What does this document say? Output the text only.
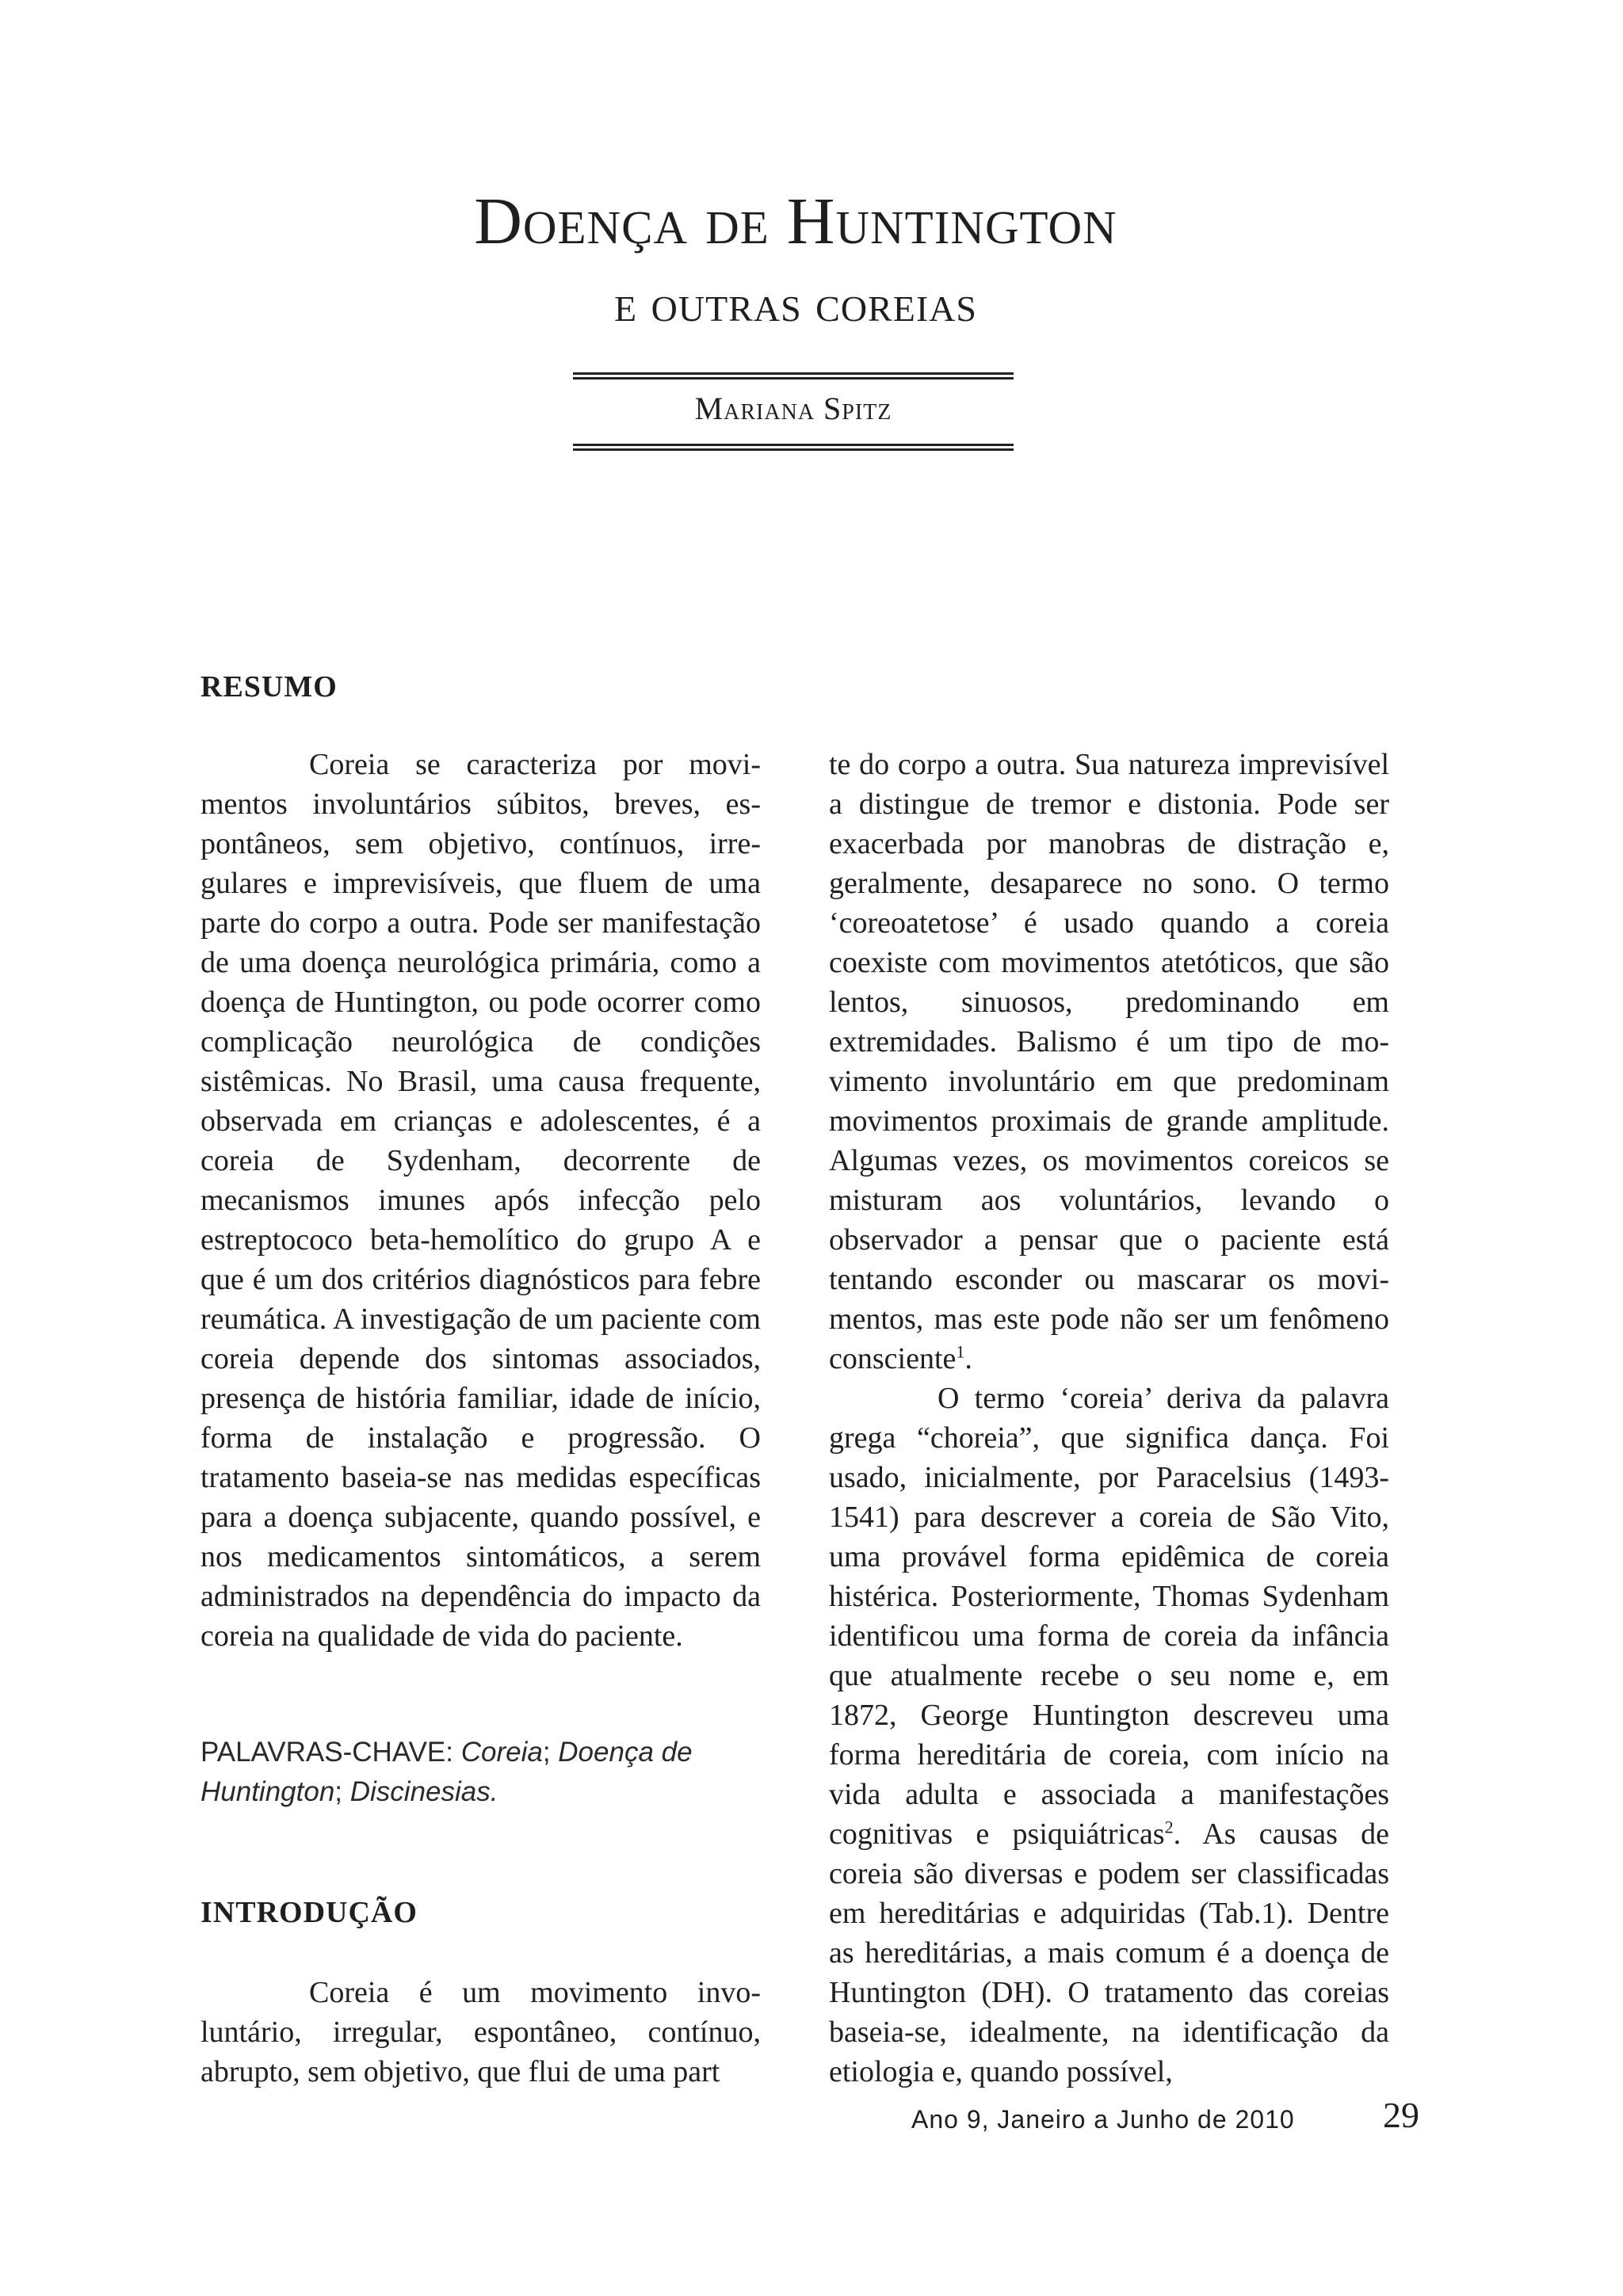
Doença de Huntington
e outras coreias
Mariana Spitz
RESUMO

Coreia se caracteriza por movimentos involuntários súbitos, breves, espontâneos, sem objetivo, contínuos, irregulares e imprevisíveis, que fluem de uma parte do corpo a outra. Pode ser manifestação de uma doença neurológica primária, como a doença de Huntington, ou pode ocorrer como complicação neurológica de condições sistêmicas. No Brasil, uma causa frequente, observada em crianças e adolescentes, é a coreia de Sydenham, decorrente de mecanismos imunes após infecção pelo estreptococo beta-hemolítico do grupo A e que é um dos critérios diagnósticos para febre reumática. A investigação de um paciente com coreia depende dos sintomas associados, presença de história familiar, idade de início, forma de instalação e progressão. O tratamento baseia-se nas medidas específicas para a doença subjacente, quando possível, e nos medicamentos sintomáticos, a serem administrados na dependência do impacto da coreia na qualidade de vida do paciente.

PALAVRAS-CHAVE: Coreia; Doença de Huntington; Discinesias.
INTRODUÇÃO

Coreia é um movimento involuntário, irregular, espontâneo, contínuo, abrupto, sem objetivo, que flui de uma part

te do corpo a outra. Sua natureza imprevisível a distingue de tremor e distonia. Pode ser exacerbada por manobras de distração e, geralmente, desaparece no sono. O termo ‘coreoatetose’ é usado quando a coreia coexiste com movimentos atetóticos, que são lentos, sinuosos, predominando em extremidades. Balismo é um tipo de movimento involuntário em que predominam movimentos proximais de grande amplitude. Algumas vezes, os movimentos coreicos se misturam aos voluntários, levando o observador a pensar que o paciente está tentando esconder ou mascarar os movimentos, mas este pode não ser um fenômeno consciente$^1$.

O termo ‘coreia’ deriva da palavra grega “choreia”, que significa dança. Foi usado, inicialmente, por Paracelsius (1493-1541) para descrever a coreia de São Vito, uma provável forma epidêmica de coreia histérica. Posteriormente, Thomas Sydenham identificou uma forma de coreia da infância que atualmente recebe o seu nome e, em 1872, George Huntington descreveu uma forma hereditária de coreia, com início na vida adulta e associada a manifestações cognitivas e psiquiátricas$^2$. As causas de coreia são diversas e podem ser classificadas em hereditárias e adquiridas (Tab.1). Dentre as hereditárias, a mais comum é a doença de Huntington (DH). O tratamento das coreias baseia-se, idealmente, na identificação da etiologia e, quando possível,

Ano 9, Janeiro a Junho de 2010 29
